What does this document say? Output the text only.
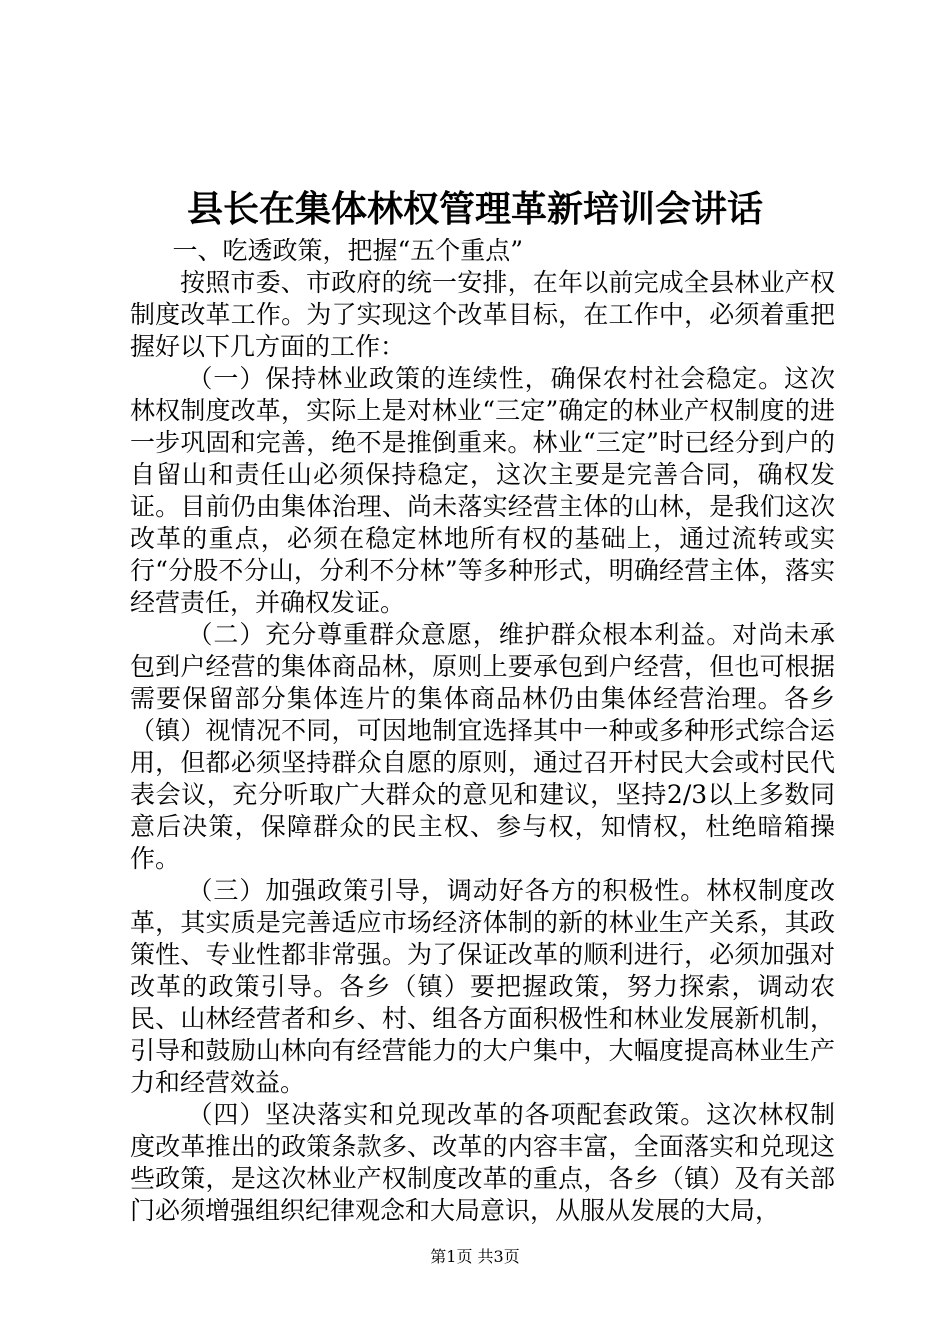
县长在集体林权管理革新培训会讲话

一、吃透政策，把握“五个重点”

按照市委、市政府的统一安排，在年以前完成全县林业产权制度改革工作。为了实现这个改革目标，在工作中，必须着重把握好以下几方面的工作：

（一）保持林业政策的连续性，确保农村社会稳定。这次林权制度改革，实际上是对林业“三定”确定的林业产权制度的进一步巩固和完善，绝不是推倒重来。林业“三定”时已经分到户的自留山和责任山必须保持稳定，这次主要是完善合同，确权发证。目前仍由集体治理、尚未落实经营主体的山林，是我们这次改革的重点，必须在稳定林地所有权的基础上，通过流转或实行“分股不分山，分利不分林”等多种形式，明确经营主体，落实经营责任，并确权发证。

（二）充分尊重群众意愿，维护群众根本利益。对尚未承包到户经营的集体商品林，原则上要承包到户经营，但也可根据需要保留部分集体连片的集体商品林仍由集体经营治理。各乡（镇）视情况不同，可因地制宜选择其中一种或多种形式综合运用，但都必须坚持群众自愿的原则，通过召开村民大会或村民代表会议，充分听取广大群众的意见和建议，坚持2/3以上多数同意后决策，保障群众的民主权、参与权，知情权，杜绝暗箱操作。

（三）加强政策引导，调动好各方的积极性。林权制度改革，其实质是完善适应市场经济体制的新的林业生产关系，其政策性、专业性都非常强。为了保证改革的顺利进行，必须加强对改革的政策引导。各乡（镇）要把握政策，努力探索，调动农民、山林经营者和乡、村、组各方面积极性和林业发展新机制，引导和鼓励山林向有经营能力的大户集中，大幅度提高林业生产力和经营效益。

（四）坚决落实和兑现改革的各项配套政策。这次林权制度改革推出的政策条款多、改革的内容丰富，全面落实和兑现这些政策，是这次林业产权制度改革的重点，各乡（镇）及有关部门必须增强组织纪律观念和大局意识，从服从发展的大局，

第1页 共3页
